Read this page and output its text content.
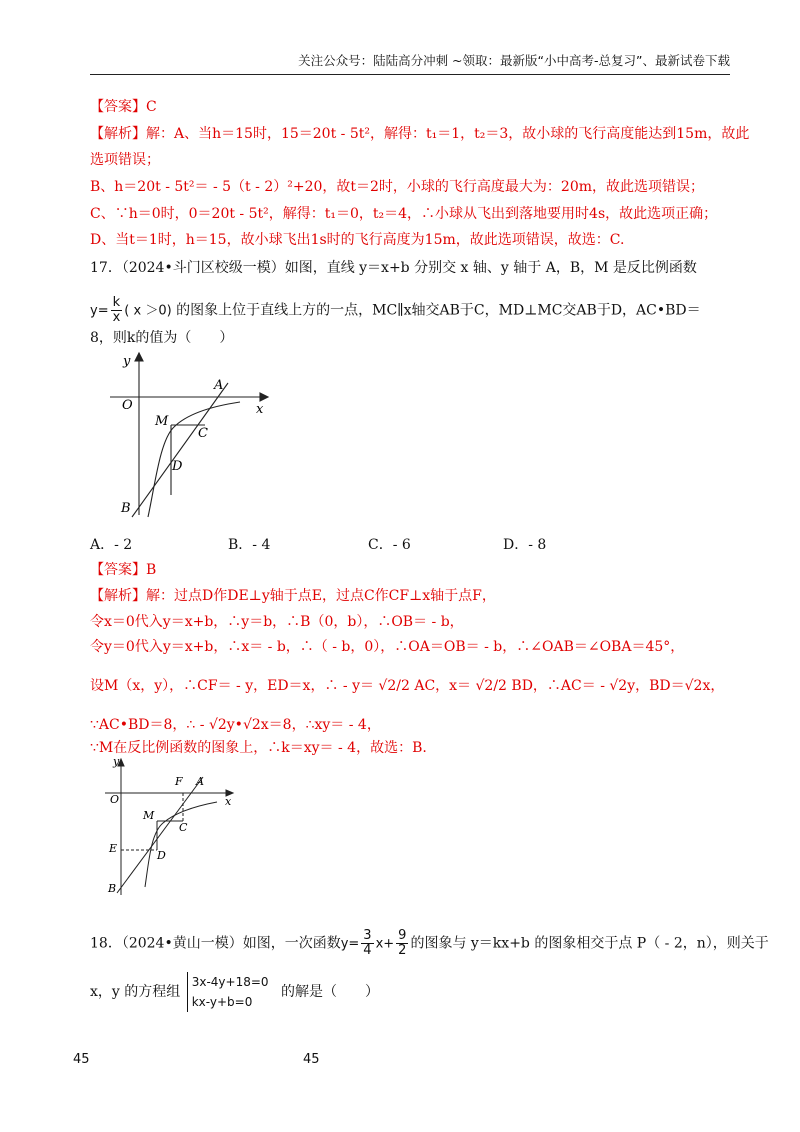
关注公众号：陆陆高分冲刺 ~领取：最新版“小中高考-总复习”、最新试卷下载
【答案】C
【解析】解：A、当h＝15时，15＝20t - 5t²，解得：t₁＝1，t₂＝3，故小球的飞行高度能达到15m，故此
选项错误；
B、h＝20t - 5t²＝ - 5（t - 2）²+20，故t＝2时，小球的飞行高度最大为：20m，故此选项错误；
C、∵h＝0时，0＝20t - 5t²，解得：t₁＝0，t₂＝4，∴小球从飞出到落地要用时4s，故此选项正确；
D、当t＝1时，h＝15，故小球飞出1s时的飞行高度为15m，故此选项错误，故选：C.
17．（2024•斗门区校级一模）如图，直线 y＝x+b 分别交 x 轴、y 轴于 A，B，M 是反比例函数
$y= \frac{k}{x}$ ( x ＞0) 的图象上位于直线上方的一点，MC∥x轴交AB于C，MD⊥MC交AB于D，AC•BD＝
8，则k的值为（　　）
y
x
O
A
M
C
D
B
A．- 2	B．- 4	C．- 6	D．- 8
【答案】B
【解析】解：过点D作DE⊥y轴于点E，过点C作CF⊥x轴于点F，
令x＝0代入y＝x+b，∴y＝b，∴B（0，b），∴OB＝ - b，
令y＝0代入y＝x+b，∴x＝ - b，∴（ - b，0），∴OA＝OB＝ - b，∴∠OAB＝∠OBA＝45°，
设M（x，y），∴CF＝ - y，ED＝x，∴ - y＝ √2/2 AC，x＝ √2/2 BD，∴AC＝ - √2y，BD＝√2x，
∵AC•BD＝8，∴ - √2y•√2x＝8，∴xy＝ - 4，
∵M在反比例函数的图象上，∴k＝xy＝ - 4，故选：B.
y
x
O
F A
M
C
E
D
B
18．（2024•黄山一模）如图，一次函数$y= \frac{3}{4} x+ \frac{9}{2}$ 的图象与 y＝kx+b 的图象相交于点 P（ - 2，n），则关于
x，y 的方程组
3x-4y+18=0
kx-y+b=0
的解是（　　）
45	45
